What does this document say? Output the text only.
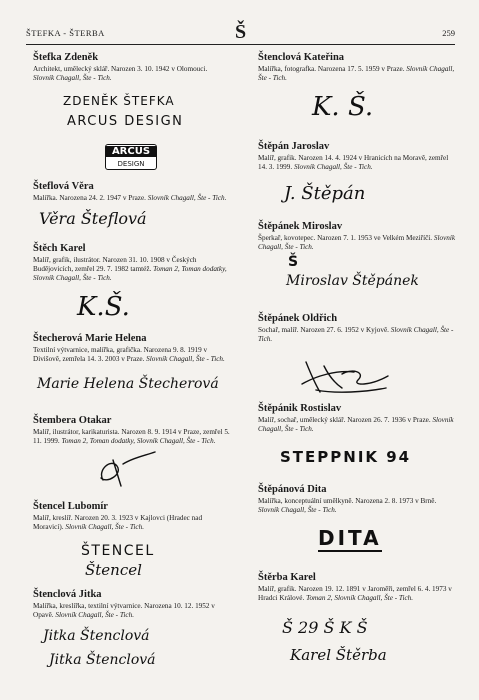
ŠTEFKA - ŠTERBA	Š	259
Štefka Zdeněk
Architekt, umělecký sklář. Narozen 3. 10. 1942 v Olomouci.
Slovník Chagall, Šte - Tich.
ZDENĚK ŠTEFKA
ARCUS DESIGN
ARCUS
DESIGN
Šteflová Věra
Malířka. Narozena 24. 2. 1947 v Praze. Slovník Chagall, Šte - Tich.
Věra Šteflová
Štěch Karel
Malíř, grafik, ilustrátor. Narozen 31. 10. 1908 v Českých Budějovicích, zemřel 29. 7. 1982 tamtéž. Toman 2, Toman dodatky, Slovník Chagall, Šte - Tich.
K.Š.
Štecherová Marie Helena
Textilní výtvarnice, malířka, grafička. Narozena 9. 8. 1919 v Divišově, zemřela 14. 3. 2003 v Praze. Slovník Chagall, Šte - Tich.
Marie Helena Štecherová
Štembera Otakar
Malíř, ilustrátor, karikaturista. Narozen 8. 9. 1914 v Praze, zemřel 5. 11. 1999. Toman 2, Toman dodatky, Slovník Chagall, Šte - Tich.
Štencel Lubomír
Malíř, kreslíř. Narozen 20. 3. 1923 v Kajlovci (Hradec nad Moravicí). Slovník Chagall, Šte - Tich.
ŠTENCEL
Štencel
Štenclová Jitka
Malířka, kreslířka, textilní výtvarnice. Narozena 10. 12. 1952 v Opavě. Slovník Chagall, Šte - Tich.
Jitka Štenclová
Jitka Štenclová
Štenclová Kateřina
Malířka, fotografka. Narozena 17. 5. 1959 v Praze. Slovník Chagall, Šte - Tich.
K. Š.
Štěpán Jaroslav
Malíř, grafik. Narozen 14. 4. 1924 v Hranicích na Moravě, zemřel 14. 3. 1999. Slovník Chagall, Šte - Tich.
J. Štěpán
Štěpánek Miroslav
Šperkař, kovotepec. Narozen 7. 1. 1953 ve Velkém Meziříčí. Slovník Chagall, Šte - Tich.
Š
Miroslav Štěpánek
Štěpánek Oldřich
Sochař, malíř. Narozen 27. 6. 1952 v Kyjově. Slovník Chagall, Šte - Tich.
Štěpánik Rostislav
Malíř, sochař, umělecký sklář. Narozen 26. 7. 1936 v Praze. Slovník Chagall, Šte - Tich.
STEPPNIK 94
Štěpánová Dita
Malířka, konceptuální umělkyně. Narozena 2. 8. 1973 v Brně. Slovník Chagall, Šte - Tich.
DITA
Štěrba Karel
Malíř, grafik. Narozen 19. 12. 1891 v Jaroměři, zemřel 6. 4. 1973 v Hradci Králové. Toman 2, Slovník Chagall, Šte - Tich.
Š 29 Š K Š
Karel Štěrba
